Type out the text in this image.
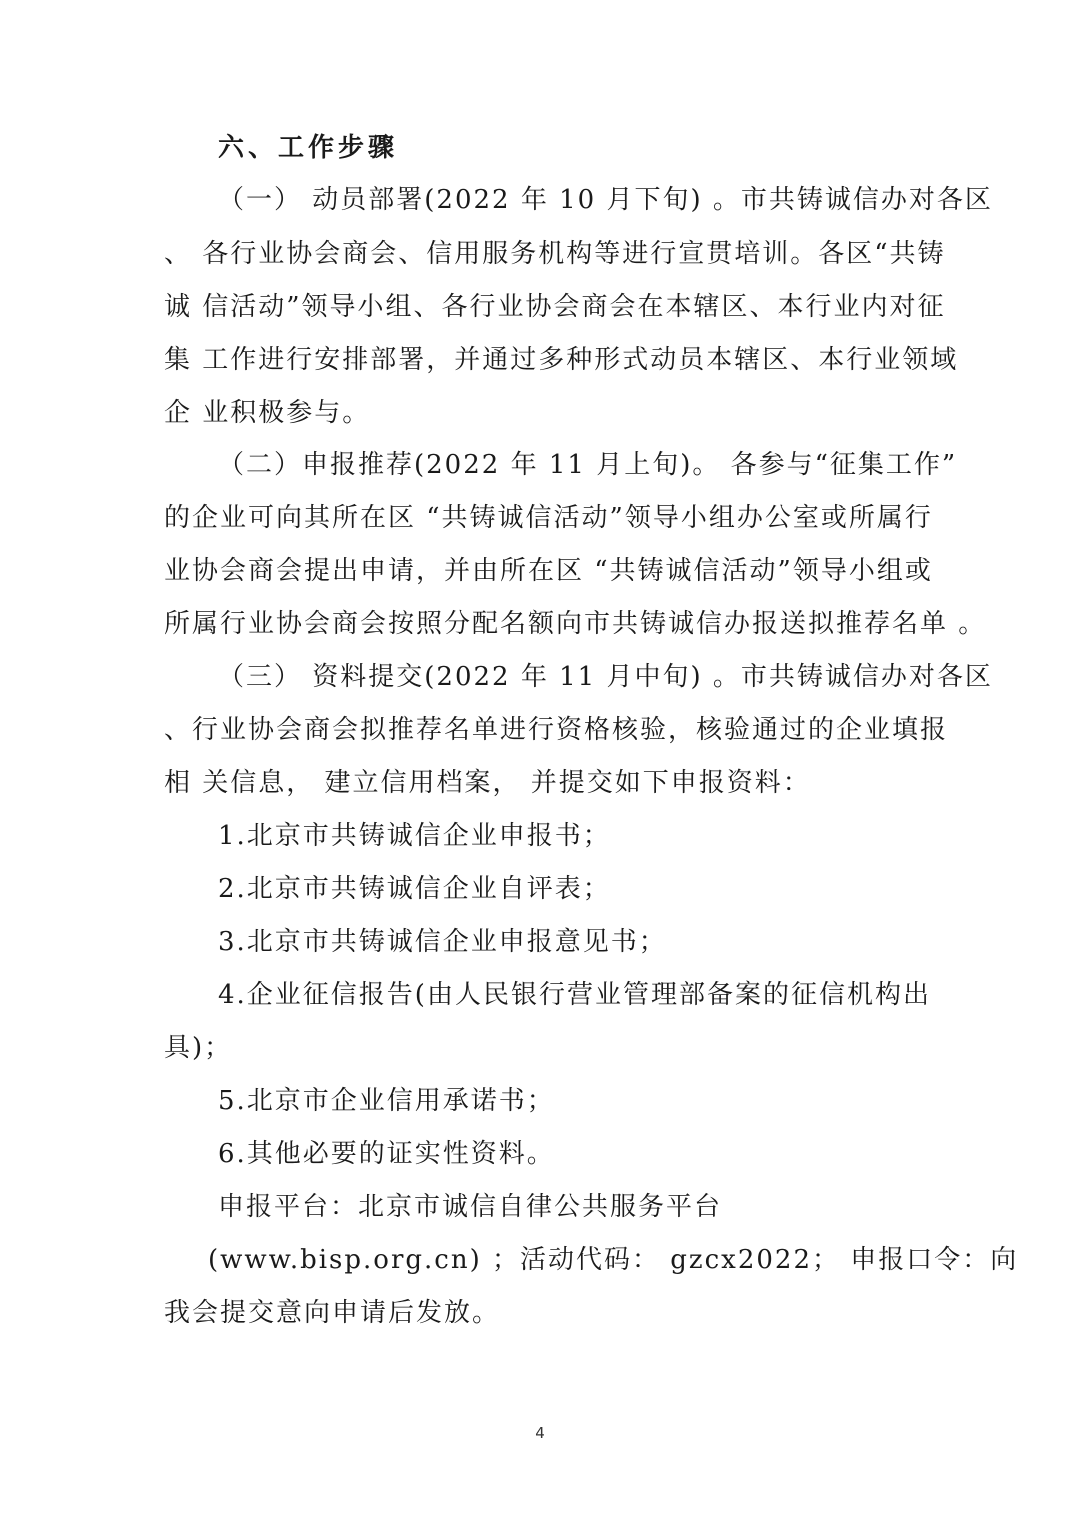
六、工作步骤
（一） 动员部署(2022 年 10 月下旬) 。市共铸诚信办对各区
、 各行业协会商会、信用服务机构等进行宣贯培训。各区“共铸
诚 信活动”领导小组、各行业协会商会在本辖区、本行业内对征
集 工作进行安排部署，并通过多种形式动员本辖区、本行业领域
企 业积极参与。
（二）申报推荐(2022 年 11 月上旬)。 各参与“征集工作”
的企业可向其所在区 “共铸诚信活动”领导小组办公室或所属行
业协会商会提出申请，并由所在区 “共铸诚信活动”领导小组或
所属行业协会商会按照分配名额向市共铸诚信办报送拟推荐名单 。
（三） 资料提交(2022 年 11 月中旬) 。市共铸诚信办对各区
、行业协会商会拟推荐名单进行资格核验，核验通过的企业填报
相 关信息， 建立信用档案， 并提交如下申报资料：
1.北京市共铸诚信企业申报书；
2.北京市共铸诚信企业自评表；
3.北京市共铸诚信企业申报意见书；
4.企业征信报告(由人民银行营业管理部备案的征信机构出
具)；
5.北京市企业信用承诺书；
6.其他必要的证实性资料。
申报平台：北京市诚信自律公共服务平台
(www.bisp.org.cn) ；活动代码： gzcx2022； 申报口令：向
我会提交意向申请后发放。
4
